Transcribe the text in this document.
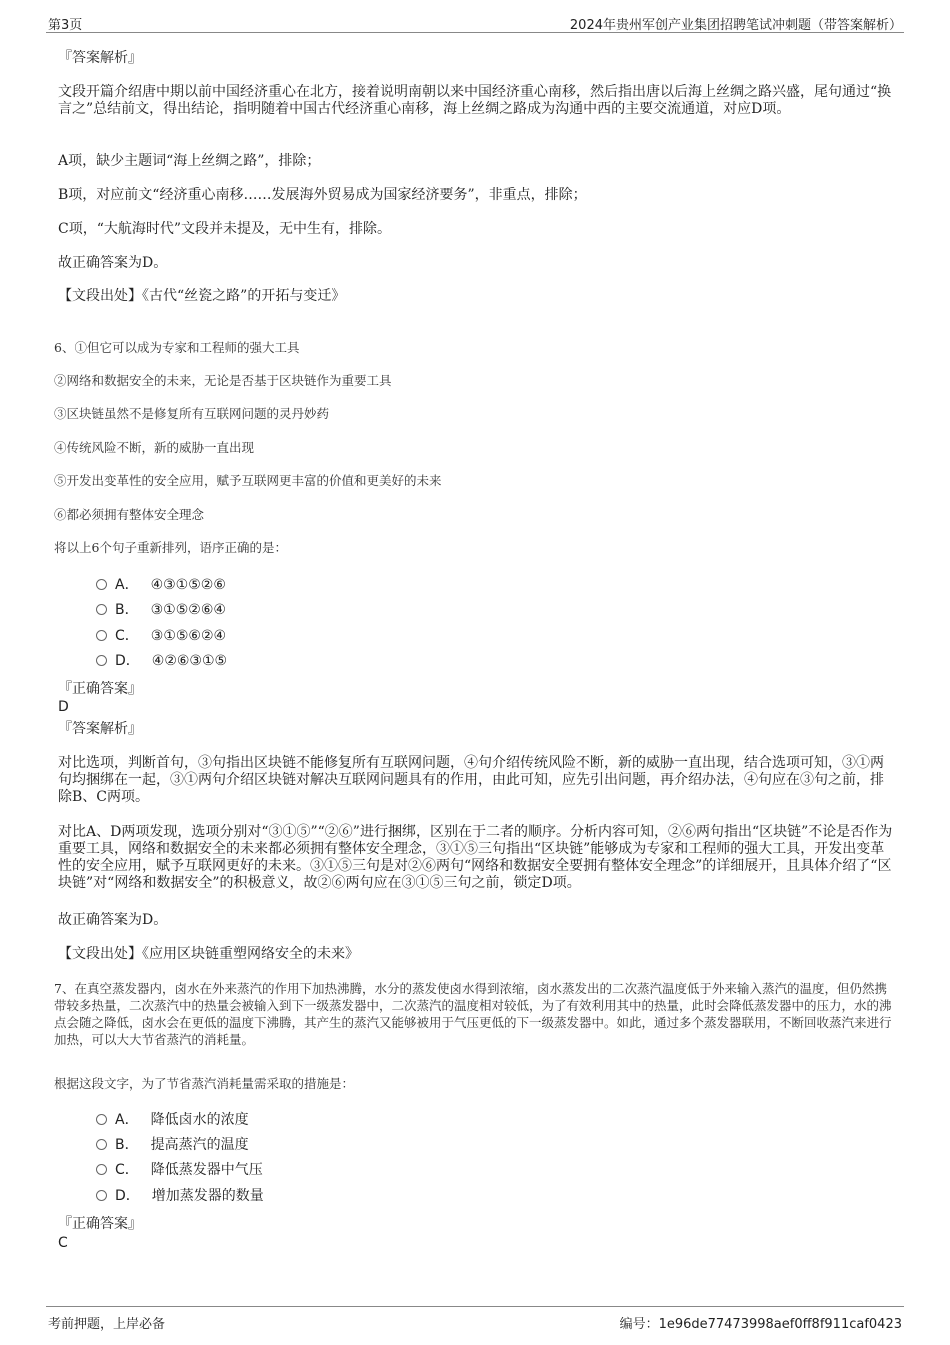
第3页	2024年贵州军创产业集团招聘笔试冲刺题（带答案解析）
『答案解析』
文段开篇介绍唐中期以前中国经济重心在北方，接着说明南朝以来中国经济重心南移，然后指出唐以后海上丝绸之路兴盛，尾句通过“换言之”总结前文，得出结论，指明随着中国古代经济重心南移，海上丝绸之路成为沟通中西的主要交流通道，对应D项。
A项，缺少主题词“海上丝绸之路”，排除；
B项，对应前文“经济重心南移……发展海外贸易成为国家经济要务”，非重点，排除；
C项，“大航海时代”文段并未提及，无中生有，排除。
故正确答案为D。
【文段出处】《古代“丝瓷之路”的开拓与变迁》
6、①但它可以成为专家和工程师的强大工具
②网络和数据安全的未来，无论是否基于区块链作为重要工具
③区块链虽然不是修复所有互联网问题的灵丹妙药
④传统风险不断，新的威胁一直出现
⑤开发出变革性的安全应用，赋予互联网更丰富的价值和更美好的未来
⑥都必须拥有整体安全理念
将以上6个句子重新排列，语序正确的是：
A． ④③①⑤②⑥
B． ③①⑤②⑥④
C． ③①⑤⑥②④
D． ④②⑥③①⑤
『正确答案』
D
『答案解析』
对比选项，判断首句，③句指出区块链不能修复所有互联网问题，④句介绍传统风险不断，新的威胁一直出现，结合选项可知，③①两句均捆绑在一起，③①两句介绍区块链对解决互联网问题具有的作用，由此可知，应先引出问题，再介绍办法，④句应在③句之前，排除B、C两项。
对比A、D两项发现，选项分别对“③①⑤”“②⑥”进行捆绑，区别在于二者的顺序。分析内容可知，②⑥两句指出“区块链”不论是否作为重要工具，网络和数据安全的未来都必须拥有整体安全理念，③①⑤三句指出“区块链”能够成为专家和工程师的强大工具，开发出变革性的安全应用，赋予互联网更好的未来。③①⑤三句是对②⑥两句“网络和数据安全要拥有整体安全理念”的详细展开，且具体介绍了“区块链”对“网络和数据安全”的积极意义，故②⑥两句应在③①⑤三句之前，锁定D项。
故正确答案为D。
【文段出处】《应用区块链重塑网络安全的未来》
7、在真空蒸发器内，卤水在外来蒸汽的作用下加热沸腾，水分的蒸发使卤水得到浓缩，卤水蒸发出的二次蒸汽温度低于外来输入蒸汽的温度，但仍然携带较多热量，二次蒸汽中的热量会被输入到下一级蒸发器中，二次蒸汽的温度相对较低，为了有效利用其中的热量，此时会降低蒸发器中的压力，水的沸点会随之降低，卤水会在更低的温度下沸腾，其产生的蒸汽又能够被用于气压更低的下一级蒸发器中。如此，通过多个蒸发器联用，不断回收蒸汽来进行加热，可以大大节省蒸汽的消耗量。
根据这段文字，为了节省蒸汽消耗量需采取的措施是：
A． 降低卤水的浓度
B． 提高蒸汽的温度
C． 降低蒸发器中气压
D． 增加蒸发器的数量
『正确答案』
C
考前押题，上岸必备	编号：1e96de77473998aef0ff8f911caf0423
